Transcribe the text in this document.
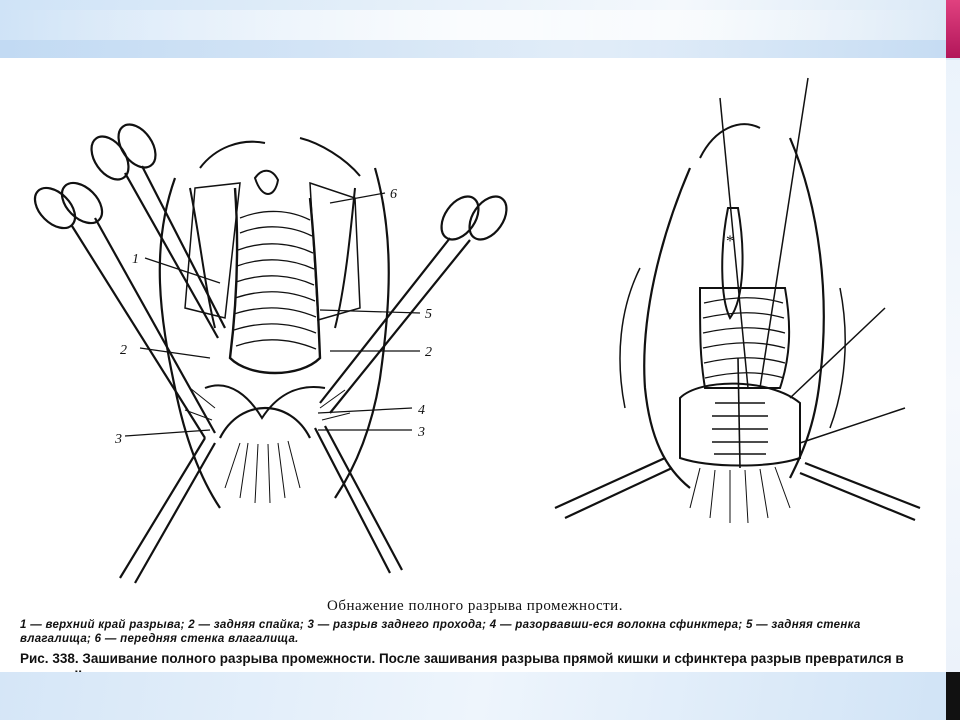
*
1
2
3
6
5
2
4
3
Обнажение полного разрыва промежности.
1 — верхний край разрыва; 2 — задняя спайка; 3 — разрыв заднего прохода; 4 — разорвавши-еся волокна сфинктера; 5 — задняя стенка влагалища; 6 — передняя стенка влагалища.
Рис. 338. Зашивание полного разрыва промежности. После зашивания разрыва прямой кишки и сфинктера разрыв превратился в
